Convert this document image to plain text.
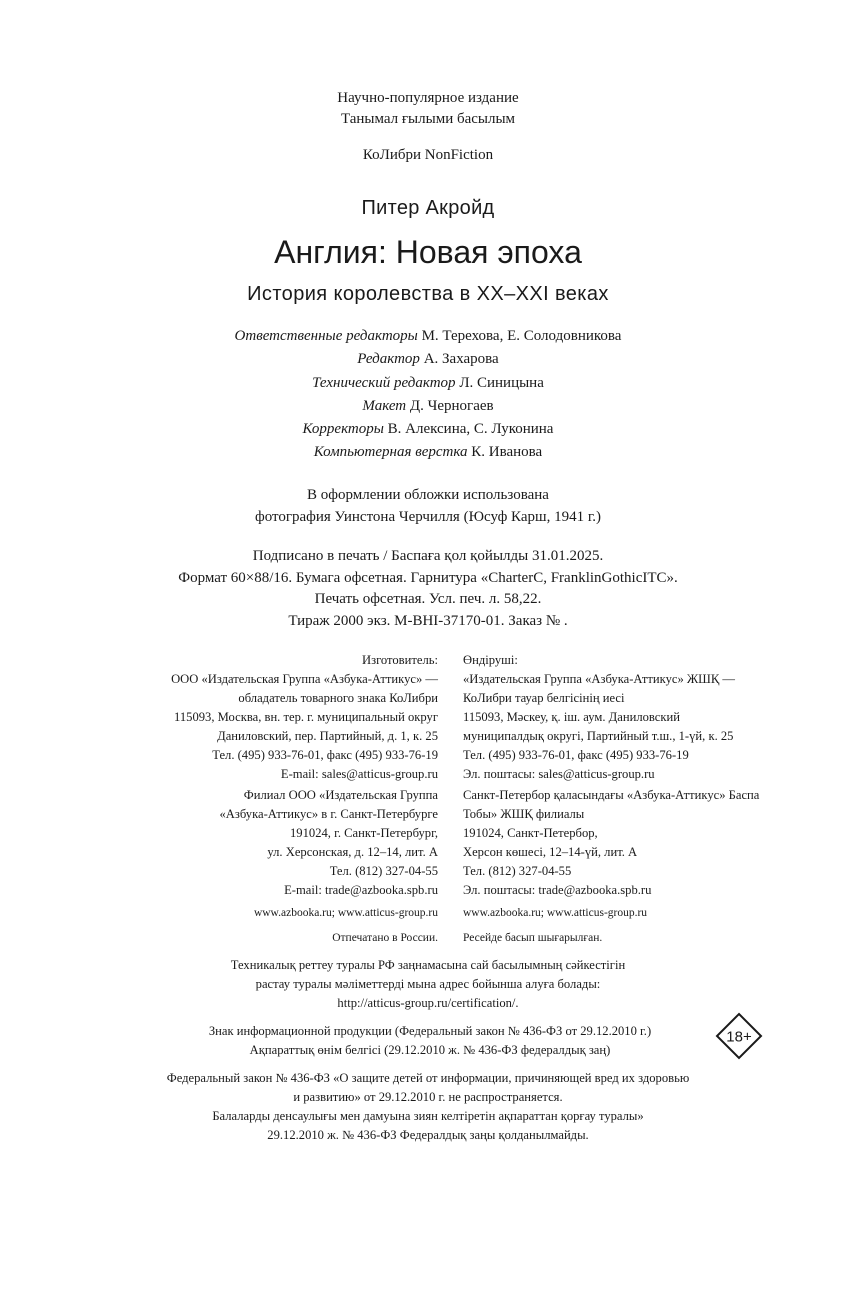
Научно-популярное издание
Танымал ғылыми басылым
КоЛибри NonFiction
Питер Акройд
Англия: Новая эпоха
История королевства в XX–XXI веках
Ответственные редакторы М. Терехова, Е. Солодовникова
Редактор А. Захарова
Технический редактор Л. Синицына
Макет Д. Черногаев
Корректоры В. Алексина, С. Луконина
Компьютерная верстка К. Иванова
В оформлении обложки использована
фотография Уинстона Черчилля (Юсуф Карш, 1941 г.)
Подписано в печать / Баспаға қол қойылды 31.01.2025.
Формат 60×88/16. Бумага офсетная. Гарнитура «CharterC, FranklinGothicITC».
Печать офсетная. Усл. печ. л. 58,22.
Тираж 2000 экз. M-BHI-37170-01. Заказ № .
Изготовитель:
ООО «Издательская Группа «Азбука-Аттикус» —
обладатель товарного знака КоЛибри
115093, Москва, вн. тер. г. муниципальный округ
Даниловский, пер. Партийный, д. 1, к. 25
Тел. (495) 933-76-01, факс (495) 933-76-19
E-mail: sales@atticus-group.ru
Өндіруші:
«Издательская Группа «Азбука-Аттикус» ЖШҚ —
КоЛибри тауар белгісінің иесі
115093, Мәскеу, қ. іш. аум. Даниловский
муниципалдық округі, Партийный т.ш., 1-үй, к. 25
Тел. (495) 933-76-01, факс (495) 933-76-19
Эл. поштасы: sales@atticus-group.ru
Филиал ООО «Издательская Группа
«Азбука-Аттикус» в г. Санкт-Петербурге
191024, г. Санкт-Петербург,
ул. Херсонская, д. 12–14, лит. А
Тел. (812) 327-04-55
E-mail: trade@azbooka.spb.ru
Санкт-Петербор қаласындағы «Азбука-Аттикус» Баспа
Тобы» ЖШҚ филиалы
191024, Санкт-Петербор,
Херсон көшесі, 12–14-үй, лит. А
Тел. (812) 327-04-55
Эл. поштасы: trade@azbooka.spb.ru
www.azbooka.ru; www.atticus-group.ru www.azbooka.ru; www.atticus-group.ru
Отпечатано в России. Ресейде басып шығарылған.
Техникалық реттеу туралы РФ заңнамасына сай басылымның сәйкестігін
растау туралы мәліметтерді мына адрес бойынша алуға болады:
http://atticus-group.ru/certification/.
Знак информационной продукции (Федеральный закон № 436-ФЗ от 29.12.2010 г.)
Ақпараттық өнім белгісі (29.12.2010 ж. № 436-ФЗ федералдық заң)
18+
Федеральный закон № 436-ФЗ «О защите детей от информации, причиняющей вред их здоровью
и развитию» от 29.12.2010 г. не распространяется.
Балаларды денсаулығы мен дамуына зиян келтіретін ақпараттан қорғау туралы»
29.12.2010 ж. № 436-ФЗ Федералдық заңы қолданылмайды.
